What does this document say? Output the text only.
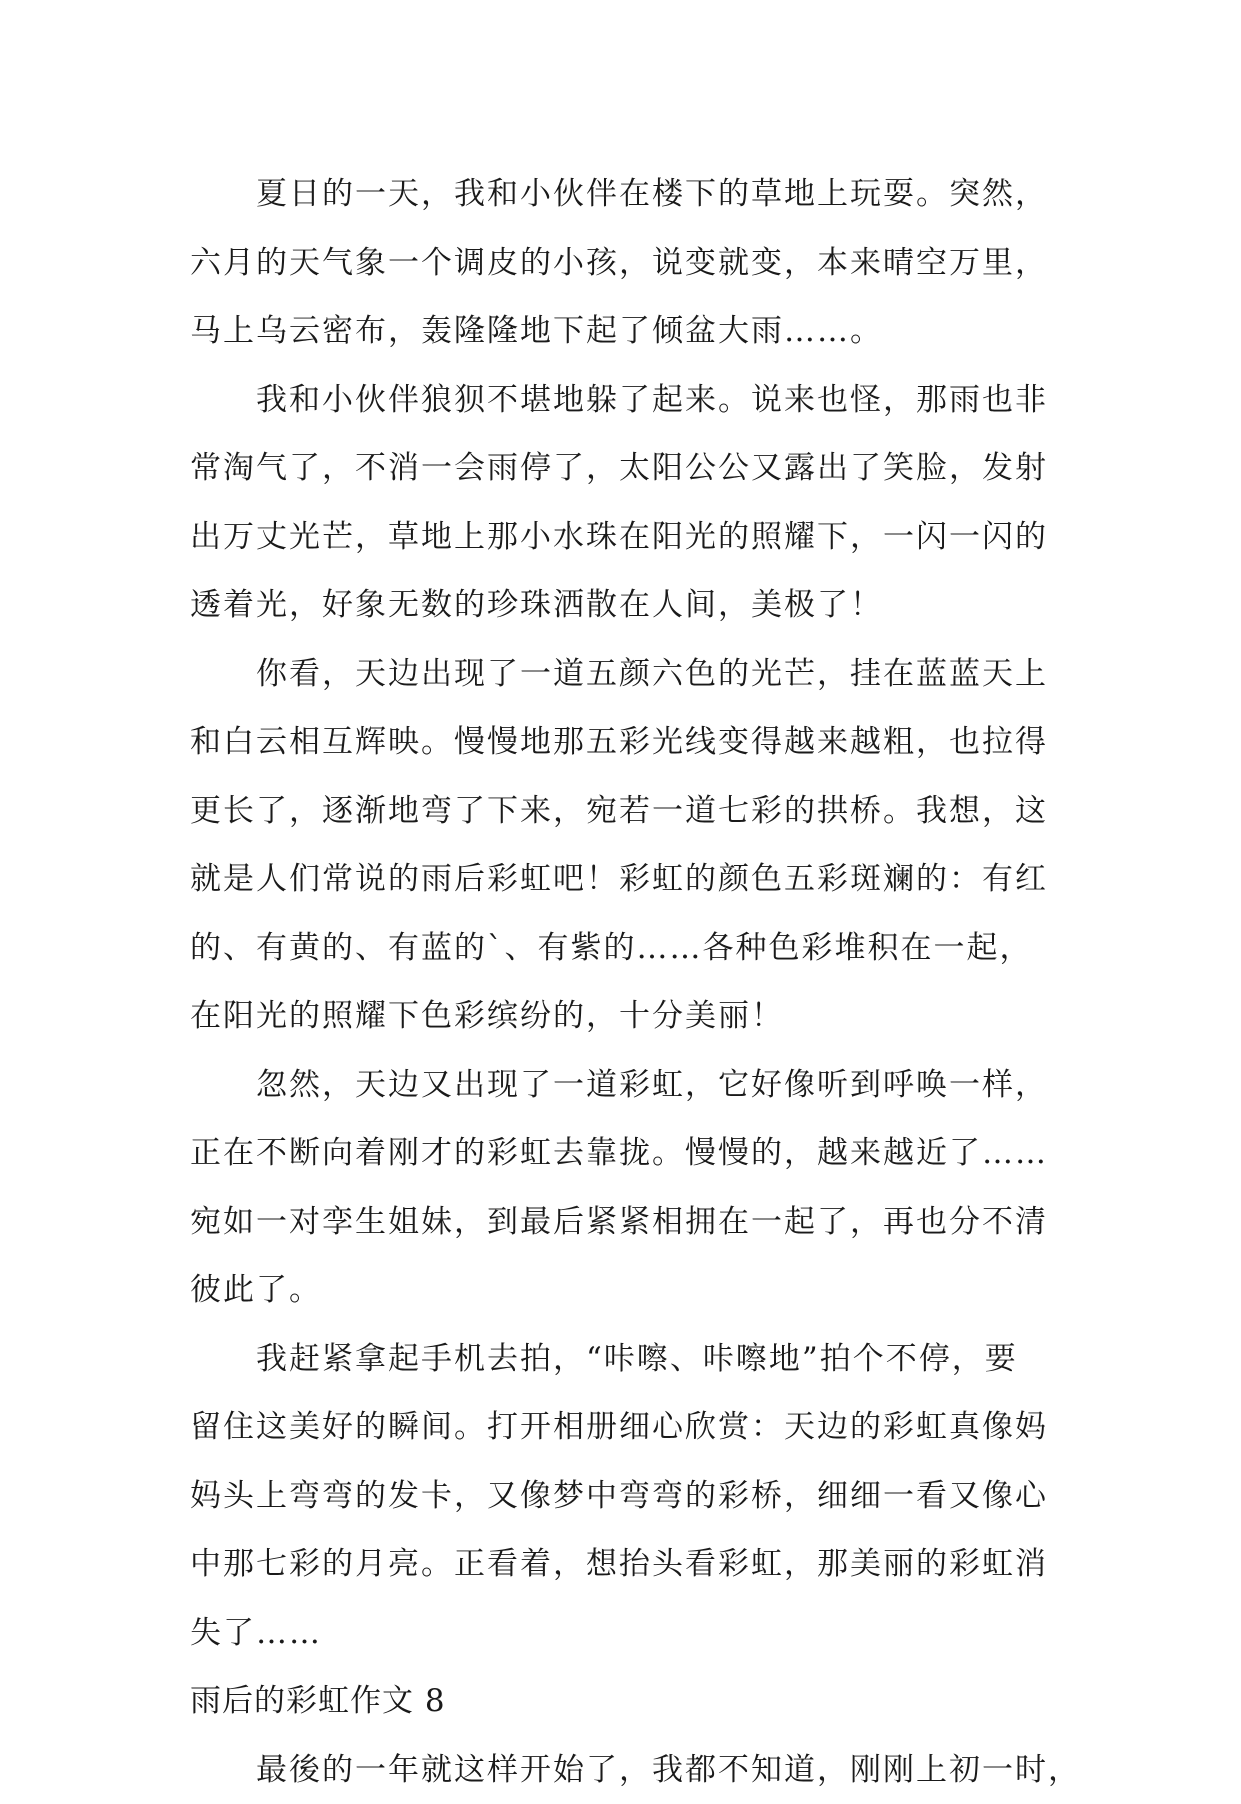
夏日的一天，我和小伙伴在楼下的草地上玩耍。突然，
六月的天气象一个调皮的小孩，说变就变，本来晴空万里，
马上乌云密布，轰隆隆地下起了倾盆大雨……。

我和小伙伴狼狈不堪地躲了起来。说来也怪，那雨也非
常淘气了，不消一会雨停了，太阳公公又露出了笑脸，发射
出万丈光芒，草地上那小水珠在阳光的照耀下，一闪一闪的
透着光，好象无数的珍珠洒散在人间，美极了！

你看，天边出现了一道五颜六色的光芒，挂在蓝蓝天上
和白云相互辉映。慢慢地那五彩光线变得越来越粗，也拉得
更长了，逐渐地弯了下来，宛若一道七彩的拱桥。我想，这
就是人们常说的雨后彩虹吧！彩虹的颜色五彩斑斓的：有红
的、有黄的、有蓝的`、有紫的……各种色彩堆积在一起，
在阳光的照耀下色彩缤纷的，十分美丽！

忽然，天边又出现了一道彩虹，它好像听到呼唤一样，
正在不断向着刚才的彩虹去靠拢。慢慢的，越来越近了……
宛如一对孪生姐妹，到最后紧紧相拥在一起了，再也分不清
彼此了。

我赶紧拿起手机去拍，“咔嚓、咔嚓地”拍个不停，要
留住这美好的瞬间。打开相册细心欣赏：天边的彩虹真像妈
妈头上弯弯的发卡，又像梦中弯弯的彩桥，细细一看又像心
中那七彩的月亮。正看着，想抬头看彩虹，那美丽的彩虹消
失了……

雨后的彩虹作文 8

最後的一年就这样开始了，我都不知道，刚刚上初一时，
